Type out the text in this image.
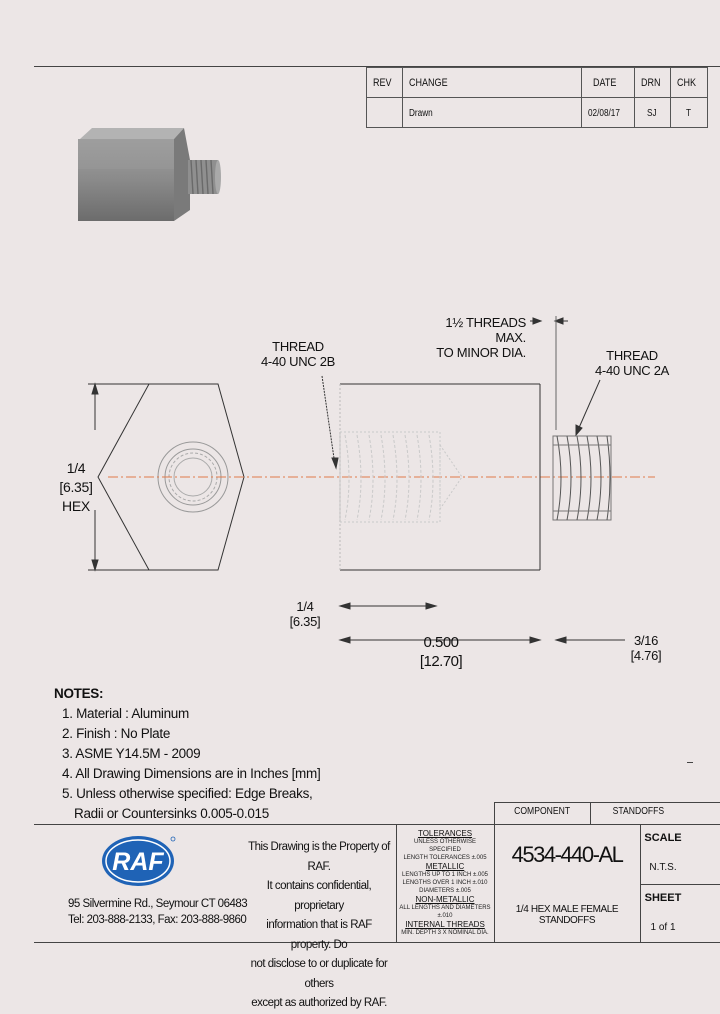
REV	CHANGE	DATE	DRN	CHK
	Drawn	02/08/17	SJ	T
1/4
[6.35]
HEX
THREAD
4-40 UNC 2B
1½ THREADS MAX.
TO MINOR DIA.	THREAD
4-40 UNC 2A
1/4
[6.35]
0.500
[12.70]
3/16
[4.76]
NOTES:
1. Material : Aluminum
2. Finish : No Plate
3. ASME Y14.5M - 2009
4. All Drawing Dimensions are in Inches [mm]
5. Unless otherwise specified: Edge Breaks,
Radii or Countersinks 0.005-0.015	COMPONENT	STANDOFFS
RAF
95 Silvermine Rd., Seymour CT 06483
Tel: 203-888-2133, Fax: 203-888-9860
This Drawing is the Property of RAF.
It contains confidential, proprietary
information that is RAF property. Do
not disclose to or duplicate for others
except as authorized by RAF.
TOLERANCES
UNLESS OTHERWISE SPECIFIED
LENGTH TOLERANCES ±.005
METALLIC
LENGTHS UP TO 1 INCH ±.005
LENGTHS OVER 1 INCH ±.010
DIAMETERS ±.005
NON-METALLIC
ALL LENGTHS AND DIAMETERS ±.010
INTERNAL THREADS
MIN. DEPTH 3 X NOMINAL DIA.
4534-440-AL
1/4 HEX MALE FEMALE STANDOFFS
SCALE
N.T.S.
SHEET
1 of 1
